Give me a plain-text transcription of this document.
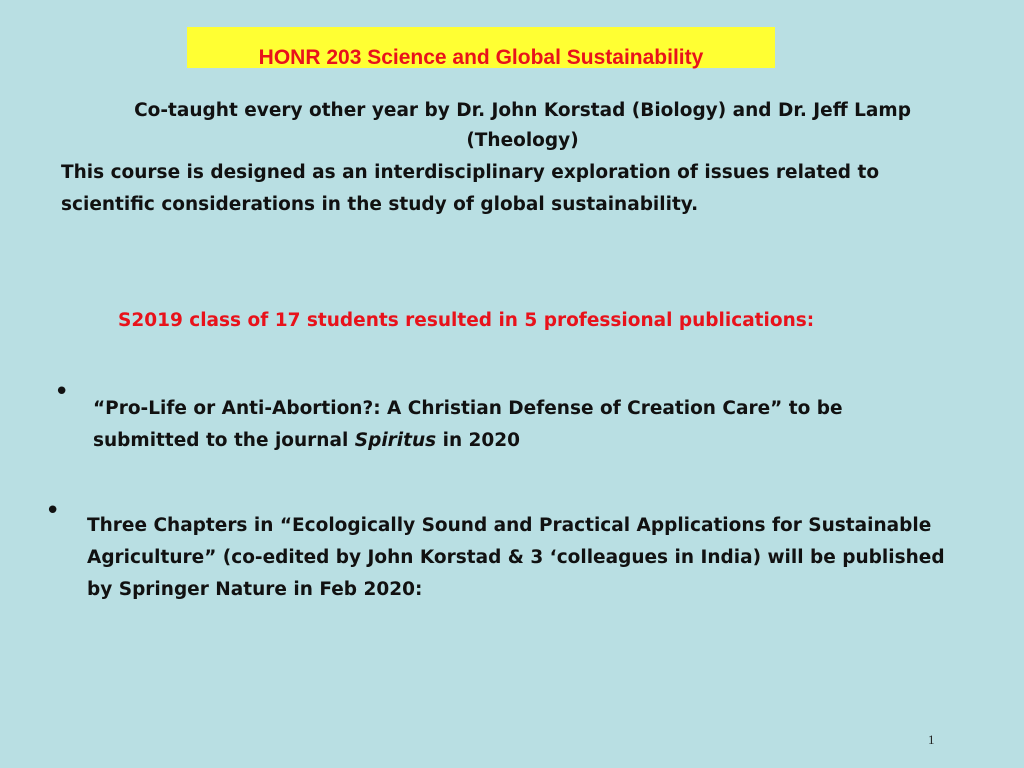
HONR 203 Science and Global Sustainability
Co-taught every other year by Dr. John Korstad (Biology) and Dr. Jeff Lamp (Theology)
This course is designed as an interdisciplinary exploration of issues related to scientific considerations in the study of global sustainability.
S2019 class of 17 students resulted in 5 professional publications:
•
“Pro-Life or Anti-Abortion?: A Christian Defense of Creation Care” to be submitted to the journal Spiritus in 2020
• Three Chapters in “Ecologically Sound and Practical Applications for Sustainable Agriculture” (co-edited by John Korstad & 3 ‘colleagues in India) will be published by Springer Nature in Feb 2020:
1
